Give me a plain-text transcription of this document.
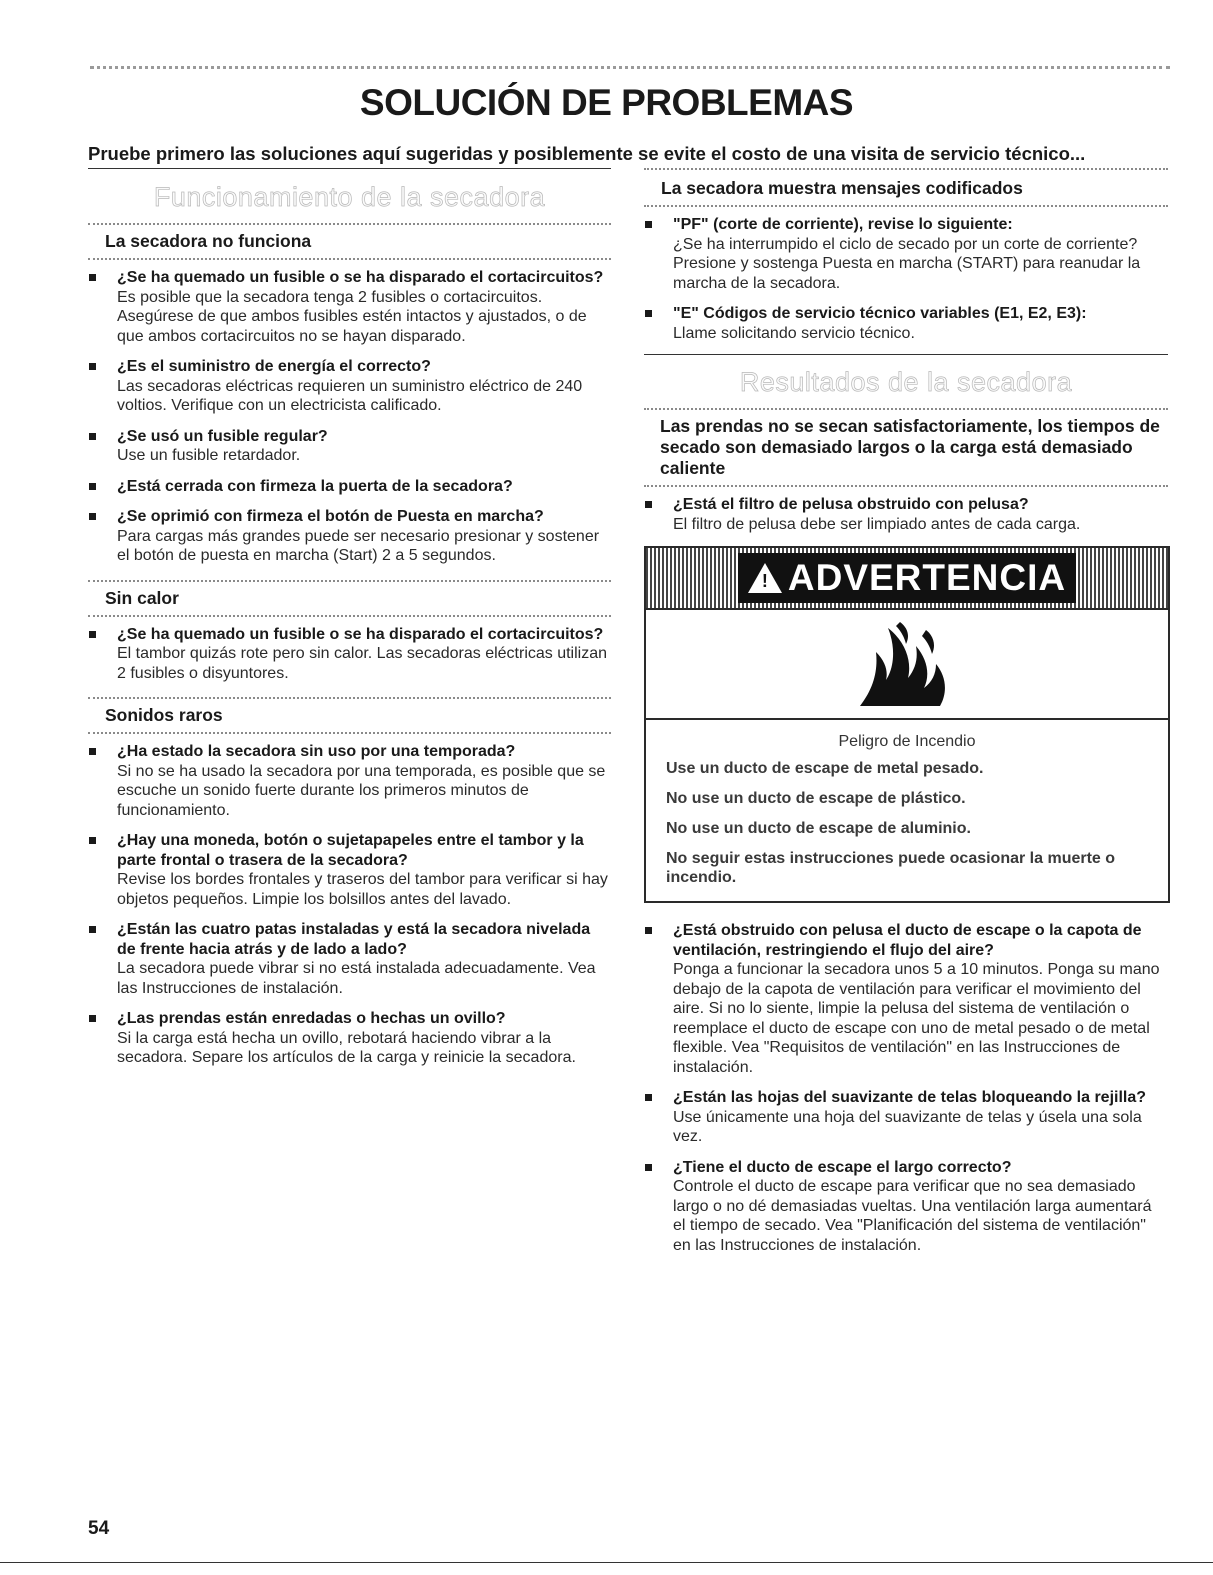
SOLUCIÓN DE PROBLEMAS

Pruebe primero las soluciones aquí sugeridas y posiblemente se evite el costo de una visita de servicio técnico...

Funcionamiento de la secadora
La secadora no funciona
¿Se ha quemado un fusible o se ha disparado el cortacircuitos?
Es posible que la secadora tenga 2 fusibles o cortacircuitos. Asegúrese de que ambos fusibles estén intactos y ajustados, o de que ambos cortacircuitos no se hayan disparado.
¿Es el suministro de energía el correcto?
Las secadoras eléctricas requieren un suministro eléctrico de 240 voltios. Verifique con un electricista calificado.
¿Se usó un fusible regular?
Use un fusible retardador.
¿Está cerrada con firmeza la puerta de la secadora?
¿Se oprimió con firmeza el botón de Puesta en marcha?
Para cargas más grandes puede ser necesario presionar y sostener el botón de puesta en marcha (Start) 2 a 5 segundos.
Sin calor
¿Se ha quemado un fusible o se ha disparado el cortacircuitos?
El tambor quizás rote pero sin calor. Las secadoras eléctricas utilizan 2 fusibles o disyuntores.
Sonidos raros
¿Ha estado la secadora sin uso por una temporada?
Si no se ha usado la secadora por una temporada, es posible que se escuche un sonido fuerte durante los primeros minutos de funcionamiento.
¿Hay una moneda, botón o sujetapapeles entre el tambor y la parte frontal o trasera de la secadora?
Revise los bordes frontales y traseros del tambor para verificar si hay objetos pequeños. Limpie los bolsillos antes del lavado.
¿Están las cuatro patas instaladas y está la secadora nivelada de frente hacia atrás y de lado a lado?
La secadora puede vibrar si no está instalada adecuadamente. Vea las Instrucciones de instalación.
¿Las prendas están enredadas o hechas un ovillo?
Si la carga está hecha un ovillo, rebotará haciendo vibrar a la secadora. Separe los artículos de la carga y reinicie la secadora.
La secadora muestra mensajes codificados
"PF" (corte de corriente), revise lo siguiente:
¿Se ha interrumpido el ciclo de secado por un corte de corriente? Presione y sostenga Puesta en marcha (START) para reanudar la marcha de la secadora.
"E" Códigos de servicio técnico variables (E1, E2, E3):
Llame solicitando servicio técnico.
Resultados de la secadora
Las prendas no se secan satisfactoriamente, los tiempos de secado son demasiado largos o la carga está demasiado caliente
¿Está el filtro de pelusa obstruido con pelusa?
El filtro de pelusa debe ser limpiado antes de cada carga.
! ADVERTENCIA
Peligro de Incendio

Use un ducto de escape de metal pesado.

No use un ducto de escape de plástico.

No use un ducto de escape de aluminio.

No seguir estas instrucciones puede ocasionar la muerte o incendio.

¿Está obstruido con pelusa el ducto de escape o la capota de ventilación, restringiendo el flujo del aire?
Ponga a funcionar la secadora unos 5 a 10 minutos. Ponga su mano debajo de la capota de ventilación para verificar el movimiento del aire. Si no lo siente, limpie la pelusa del sistema de ventilación o reemplace el ducto de escape con uno de metal pesado o de metal flexible. Vea "Requisitos de ventilación" en las Instrucciones de instalación.
¿Están las hojas del suavizante de telas bloqueando la rejilla?
Use únicamente una hoja del suavizante de telas y úsela una sola vez.
¿Tiene el ducto de escape el largo correcto?
Controle el ducto de escape para verificar que no sea demasiado largo o no dé demasiadas vueltas. Una ventilación larga aumentará el tiempo de secado. Vea "Planificación del sistema de ventilación" en las Instrucciones de instalación.
54
